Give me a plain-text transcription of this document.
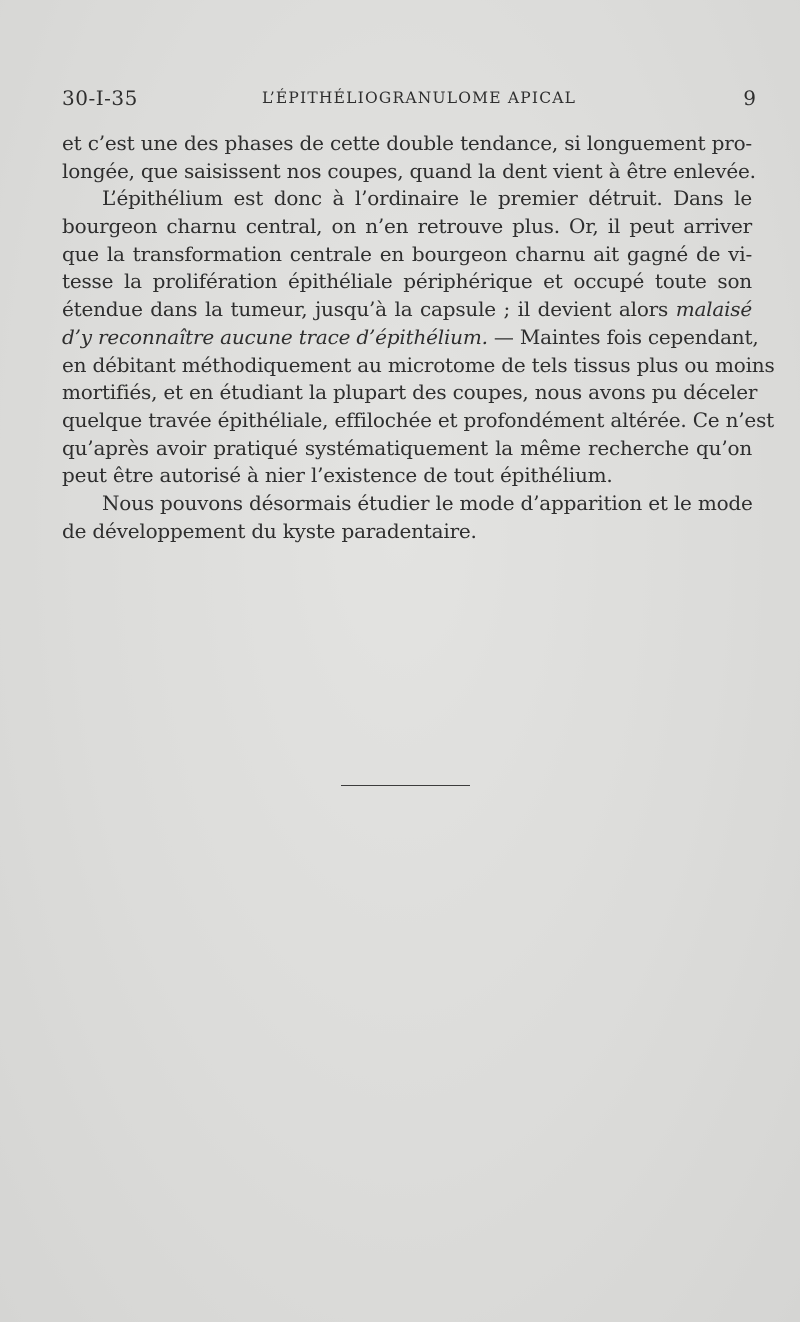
30-I-35	L’ÉPITHÉLIOGRANULOME APICAL	9
et c’est une des phases de cette double tendance, si longuement pro-
longée, que saisissent nos coupes, quand la dent vient à être enlevée.
L’épithélium est donc à l’ordinaire le premier détruit. Dans le
bourgeon charnu central, on n’en retrouve plus. Or, il peut arriver
que la transformation centrale en bourgeon charnu ait gagné de vi-
tesse la prolifération épithéliale périphérique et occupé toute son
étendue dans la tumeur, jusqu’à la capsule ; il devient alors malaisé
d’y reconnaître aucune trace d’épithélium. — Maintes fois cependant,
en débitant méthodiquement au microtome de tels tissus plus ou moins
mortifiés, et en étudiant la plupart des coupes, nous avons pu déceler
quelque travée épithéliale, effilochée et profondément altérée. Ce n’est
qu’après avoir pratiqué systématiquement la même recherche qu’on
peut être autorisé à nier l’existence de tout épithélium.
Nous pouvons désormais étudier le mode d’apparition et le mode
de développement du kyste paradentaire.
